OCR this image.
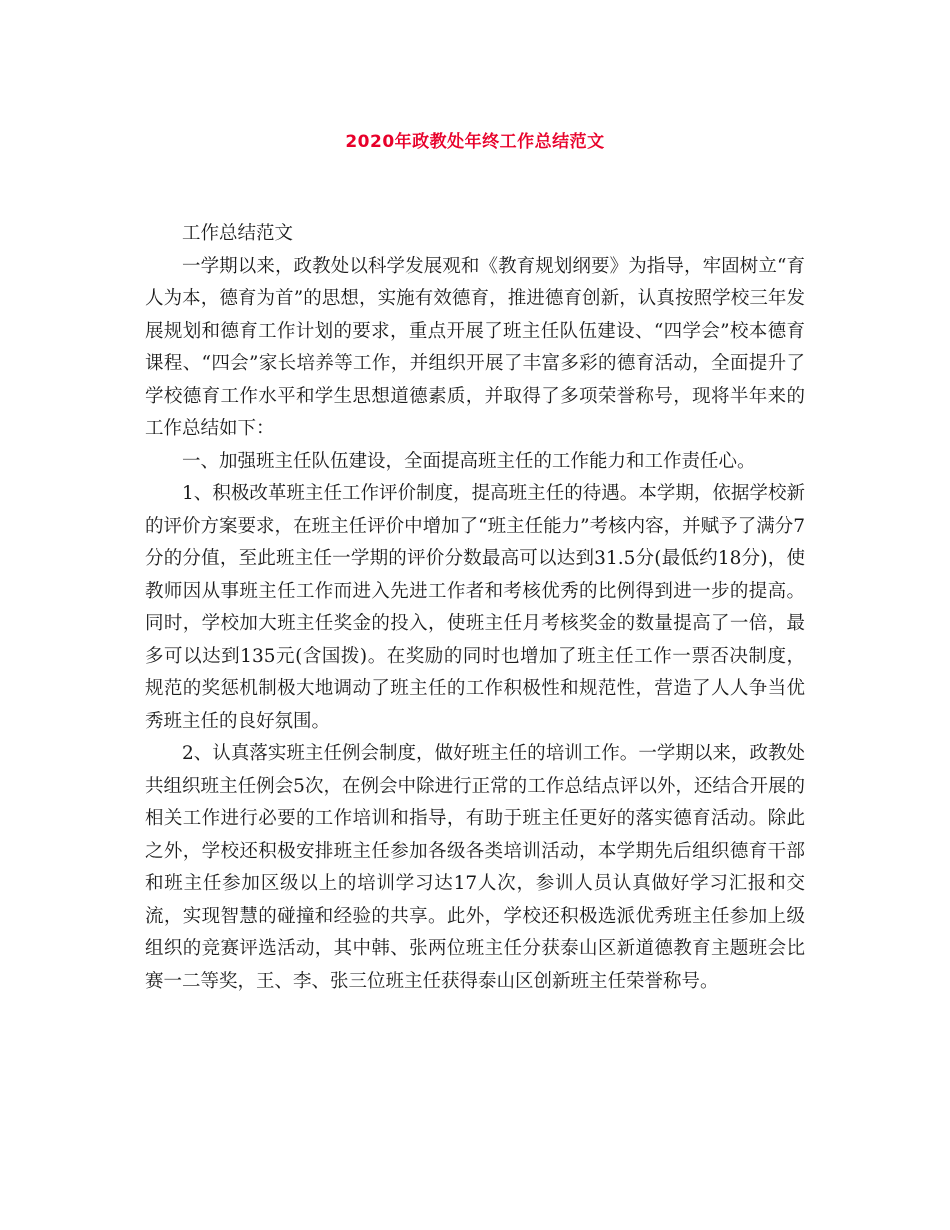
2020年政教处年终工作总结范文

工作总结范文

一学期以来，政教处以科学发展观和《教育规划纲要》为指导，牢固树立“育人为本，德育为首”的思想，实施有效德育，推进德育创新，认真按照学校三年发展规划和德育工作计划的要求，重点开展了班主任队伍建设、“四学会”校本德育课程、“四会”家长培养等工作，并组织开展了丰富多彩的德育活动，全面提升了学校德育工作水平和学生思想道德素质，并取得了多项荣誉称号，现将半年来的工作总结如下：

一、加强班主任队伍建设，全面提高班主任的工作能力和工作责任心。

1、积极改革班主任工作评价制度，提高班主任的待遇。本学期，依据学校新的评价方案要求，在班主任评价中增加了“班主任能力”考核内容，并赋予了满分7分的分值，至此班主任一学期的评价分数最高可以达到31.5分(最低约18分)，使教师因从事班主任工作而进入先进工作者和考核优秀的比例得到进一步的提高。同时，学校加大班主任奖金的投入，使班主任月考核奖金的数量提高了一倍，最多可以达到135元(含国拨)。在奖励的同时也增加了班主任工作一票否决制度，规范的奖惩机制极大地调动了班主任的工作积极性和规范性，营造了人人争当优秀班主任的良好氛围。

2、认真落实班主任例会制度，做好班主任的培训工作。一学期以来，政教处共组织班主任例会5次，在例会中除进行正常的工作总结点评以外，还结合开展的相关工作进行必要的工作培训和指导，有助于班主任更好的落实德育活动。除此之外，学校还积极安排班主任参加各级各类培训活动，本学期先后组织德育干部和班主任参加区级以上的培训学习达17人次，参训人员认真做好学习汇报和交流，实现智慧的碰撞和经验的共享。此外，学校还积极选派优秀班主任参加上级组织的竞赛评选活动，其中韩、张两位班主任分获泰山区新道德教育主题班会比赛一二等奖，王、李、张三位班主任获得泰山区创新班主任荣誉称号。
